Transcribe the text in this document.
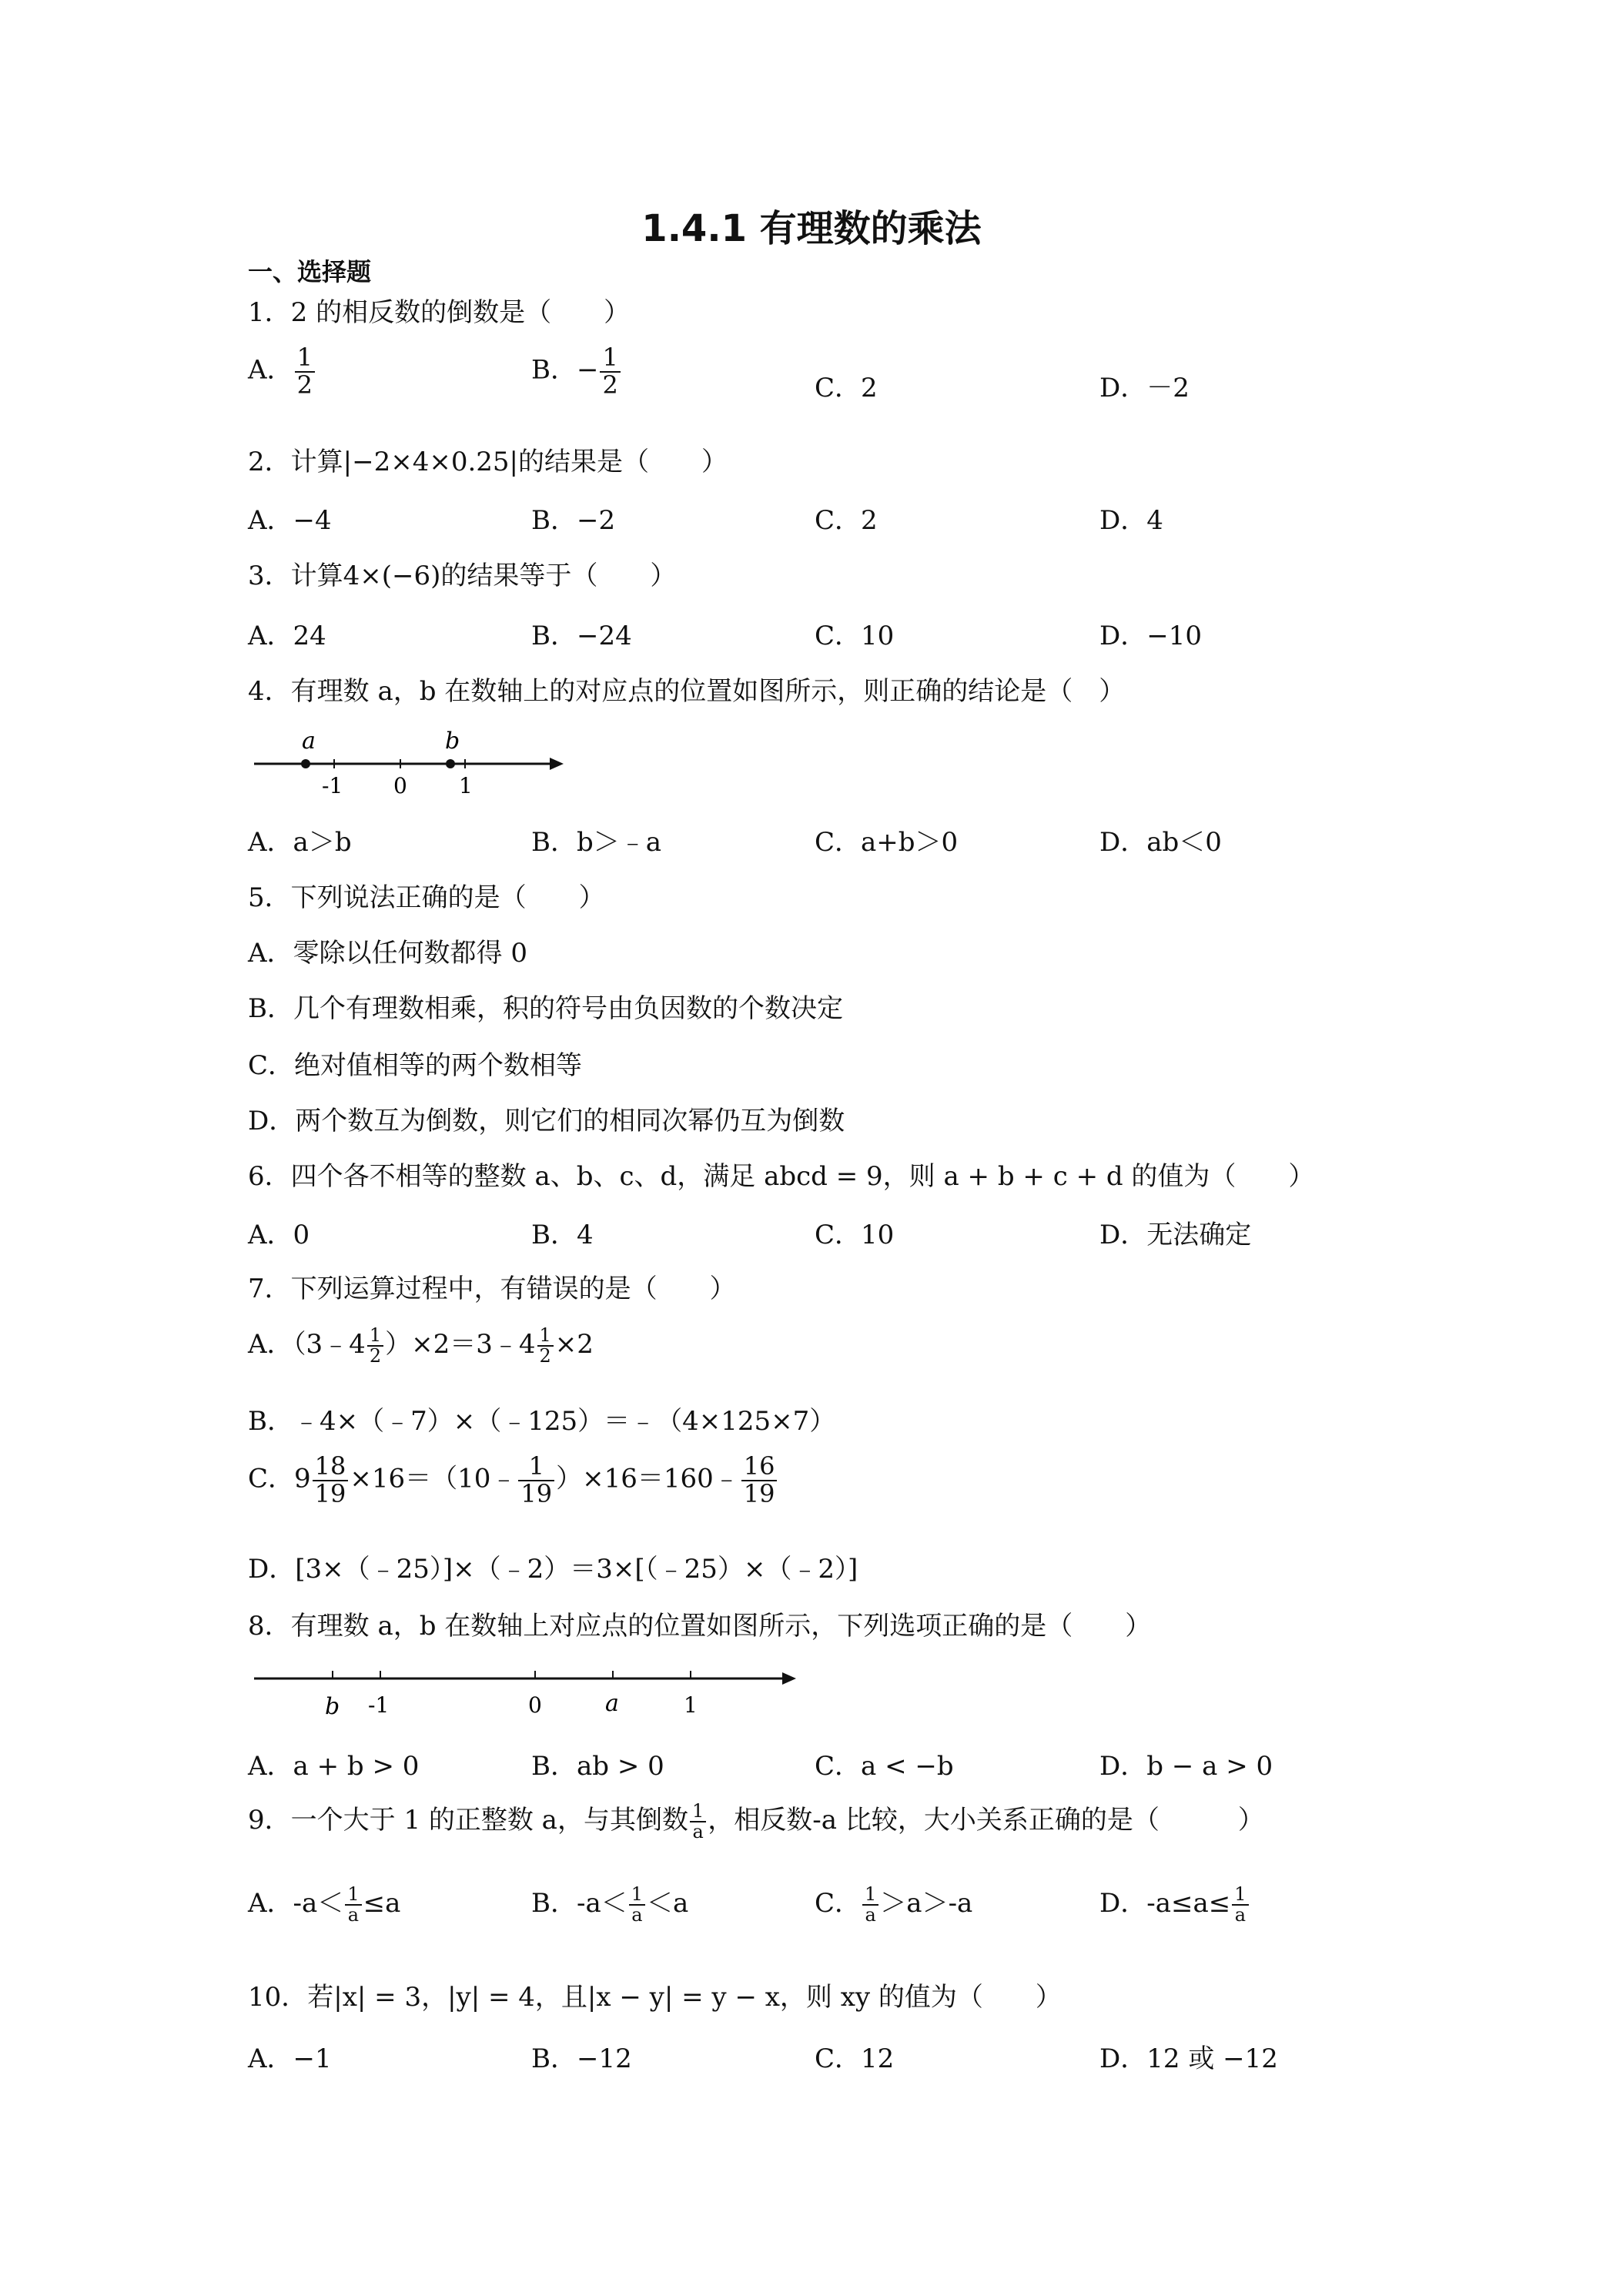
1.4.1 有理数的乘法
一、选择题
1．2 的相反数的倒数是（　　）
A． $\frac{1}{2}$	B．− $\frac{1}{2}$	C．2	D．－2
2．计算|−2×4×0.25|的结果是（　　）
A．−4	B．−2	C．2	D．4
3．计算4×(−6)的结果等于（　　）
A．24	B．−24	C．10	D．−10
4．有理数 a，b 在数轴上的对应点的位置如图所示，则正确的结论是（　）
a	b
-1 0 1
A．a＞b	B．b＞﹣a	C．a+b＞0	D．ab＜0
5．下列说法正确的是（　　）
A．零除以任何数都得 0
B．几个有理数相乘，积的符号由负因数的个数决定
C．绝对值相等的两个数相等
D．两个数互为倒数，则它们的相同次幂仍互为倒数
6．四个各不相等的整数 a、b、c、d，满足 abcd = 9，则 a + b + c + d 的值为（　　）
A．0	B．4	C．10	D．无法确定
7．下列运算过程中，有错误的是（　　）
A．（3﹣4 $\frac{1}{2}$ ）×2＝3﹣4 $\frac{1}{2} \times 2$
B．﹣4×（﹣7）×（﹣125）＝﹣（4×125×7）
C．$9 \frac{18}{19}$ ×16＝（10﹣ $\frac{1}{19}$ ）×16＝160﹣ $\frac{16}{19}$
D．[3×（﹣25）]×（﹣2）＝3×[（﹣25）×（﹣2）]
8．有理数 a，b 在数轴上对应点的位置如图所示，下列选项正确的是（　　）
b -1	0	a	1
A．a + b > 0	B．ab > 0	C．a < −b	D．b − a > 0
9．一个大于 1 的正整数 a，与其倒数 $\frac{1}{a}$ ，相反数-a 比较，大小关系正确的是（　　　）
A．$-a< \frac{1}{a} \le a$	B．$-a< \frac{1}{a} <a$	C． $\frac{1}{a} >a>-a$	D．$-a\le a\le \frac{1}{a}$
10．若|x| = 3，|y| = 4，且|x − y| = y − x，则 xy 的值为（　　）
A．−1	B．−12	C．12	D．12 或 −12
